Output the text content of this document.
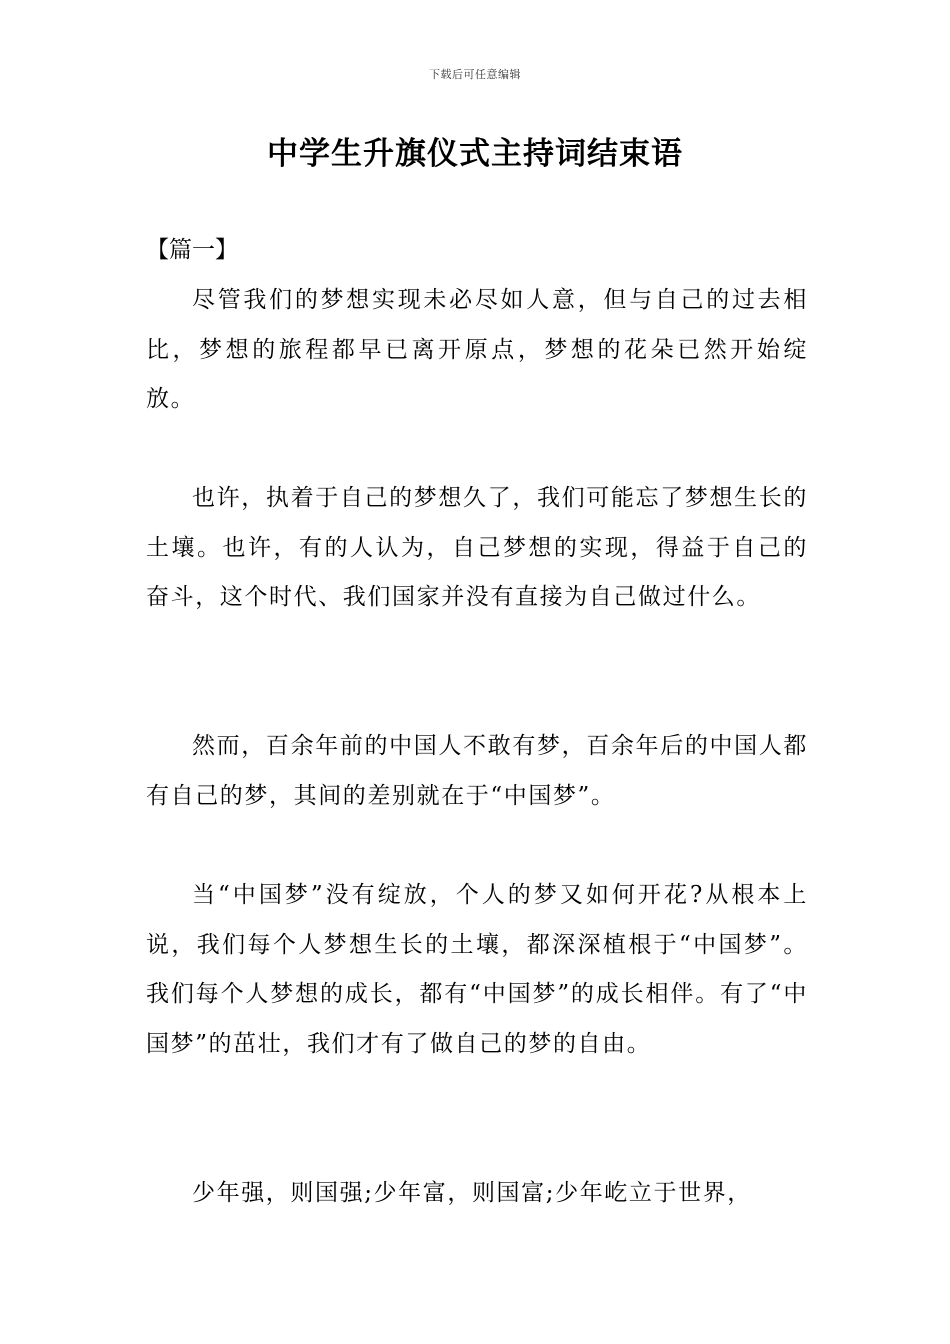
下载后可任意编辑
中学生升旗仪式主持词结束语
【篇一】

尽管我们的梦想实现未必尽如人意，但与自己的过去相比，梦想的旅程都早已离开原点，梦想的花朵已然开始绽放。

也许，执着于自己的梦想久了，我们可能忘了梦想生长的土壤。也许，有的人认为，自己梦想的实现，得益于自己的奋斗，这个时代、我们国家并没有直接为自己做过什么。

然而，百余年前的中国人不敢有梦，百余年后的中国人都有自己的梦，其间的差别就在于“中国梦”。

当“中国梦”没有绽放，个人的梦又如何开花?从根本上说，我们每个人梦想生长的土壤，都深深植根于“中国梦”。我们每个人梦想的成长，都有“中国梦”的成长相伴。有了“中国梦”的茁壮，我们才有了做自己的梦的自由。

少年强，则国强;少年富，则国富;少年屹立于世界，
